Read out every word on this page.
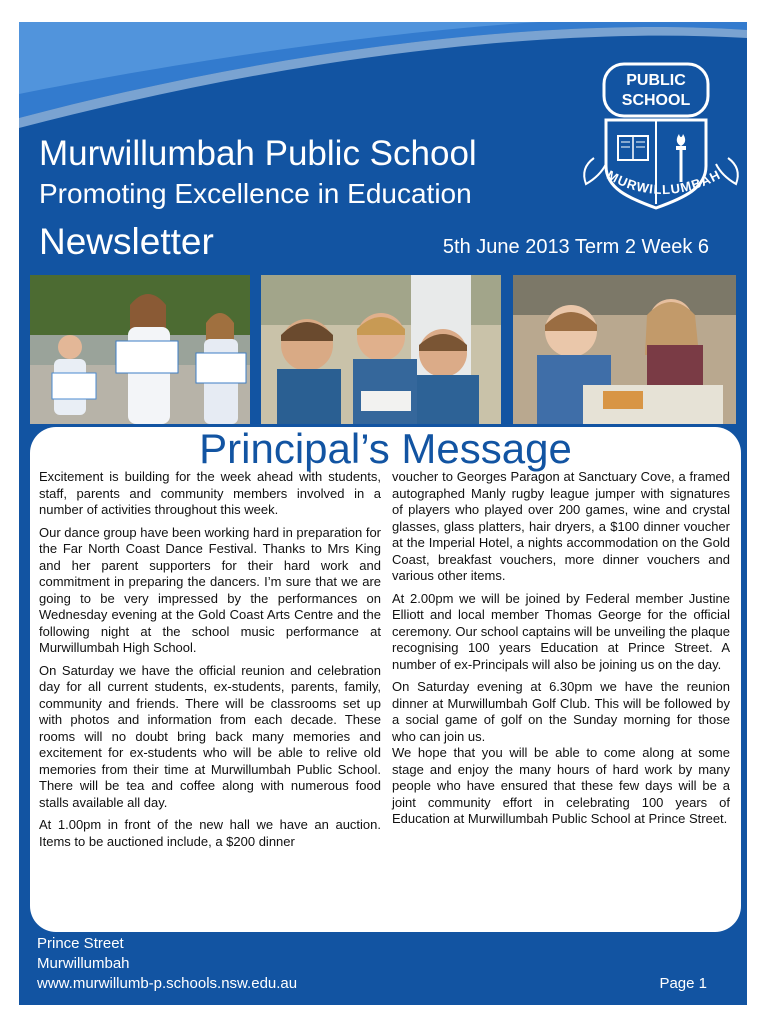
Murwillumbah Public School
Promoting Excellence in Education
Newsletter	5th June 2013 Term 2 Week 6
PUBLIC
SCHOOL
MURWILLUMBAH
Principal’s Message

Excitement is building for the week ahead with students, staff, parents and community members involved in a number of activities throughout this week.

Our dance group have been working hard in preparation for the Far North Coast Dance Festival. Thanks to Mrs King and her parent supporters for their hard work and commitment in preparing the dancers. I’m sure that we are going to be very impressed by the performances on Wednesday evening at the Gold Coast Arts Centre and the following night at the school music performance at Murwillumbah High School.

On Saturday we have the official reunion and celebration day for all current students, ex-students, parents, family, community and friends. There will be classrooms set up with photos and information from each decade. These rooms will no doubt bring back many memories and excitement for ex-students who will be able to relive old memories from their time at Murwillumbah Public School. There will be tea and coffee along with numerous food stalls available all day.

At 1.00pm in front of the new hall we have an auction. Items to be auctioned include, a $200 dinner

voucher to Georges Paragon at Sanctuary Cove, a framed autographed Manly rugby league jumper with signatures of players who played over 200 games, wine and crystal glasses, glass platters, hair dryers, a $100 dinner voucher at the Imperial Hotel, a nights accommodation on the Gold Coast, breakfast vouchers, more dinner vouchers and various other items.

At 2.00pm we will be joined by Federal member Justine Elliott and local member Thomas George for the official ceremony. Our school captains will be unveiling the plaque recognising 100 years Education at Prince Street. A number of ex-Principals will also be joining us on the day.

On Saturday evening at 6.30pm we have the reunion dinner at Murwillumbah Golf Club. This will be followed by a social game of golf on the Sunday morning for those who can join us.

We hope that you will be able to come along at some stage and enjoy the many hours of hard work by many people who have ensured that these few days will be a joint community effort in celebrating 100 years of Education at Murwillumbah Public School at Prince Street.

Prince Street
Murwillumbah
www.murwillumb-p.schools.nsw.edu.au	Page 1
